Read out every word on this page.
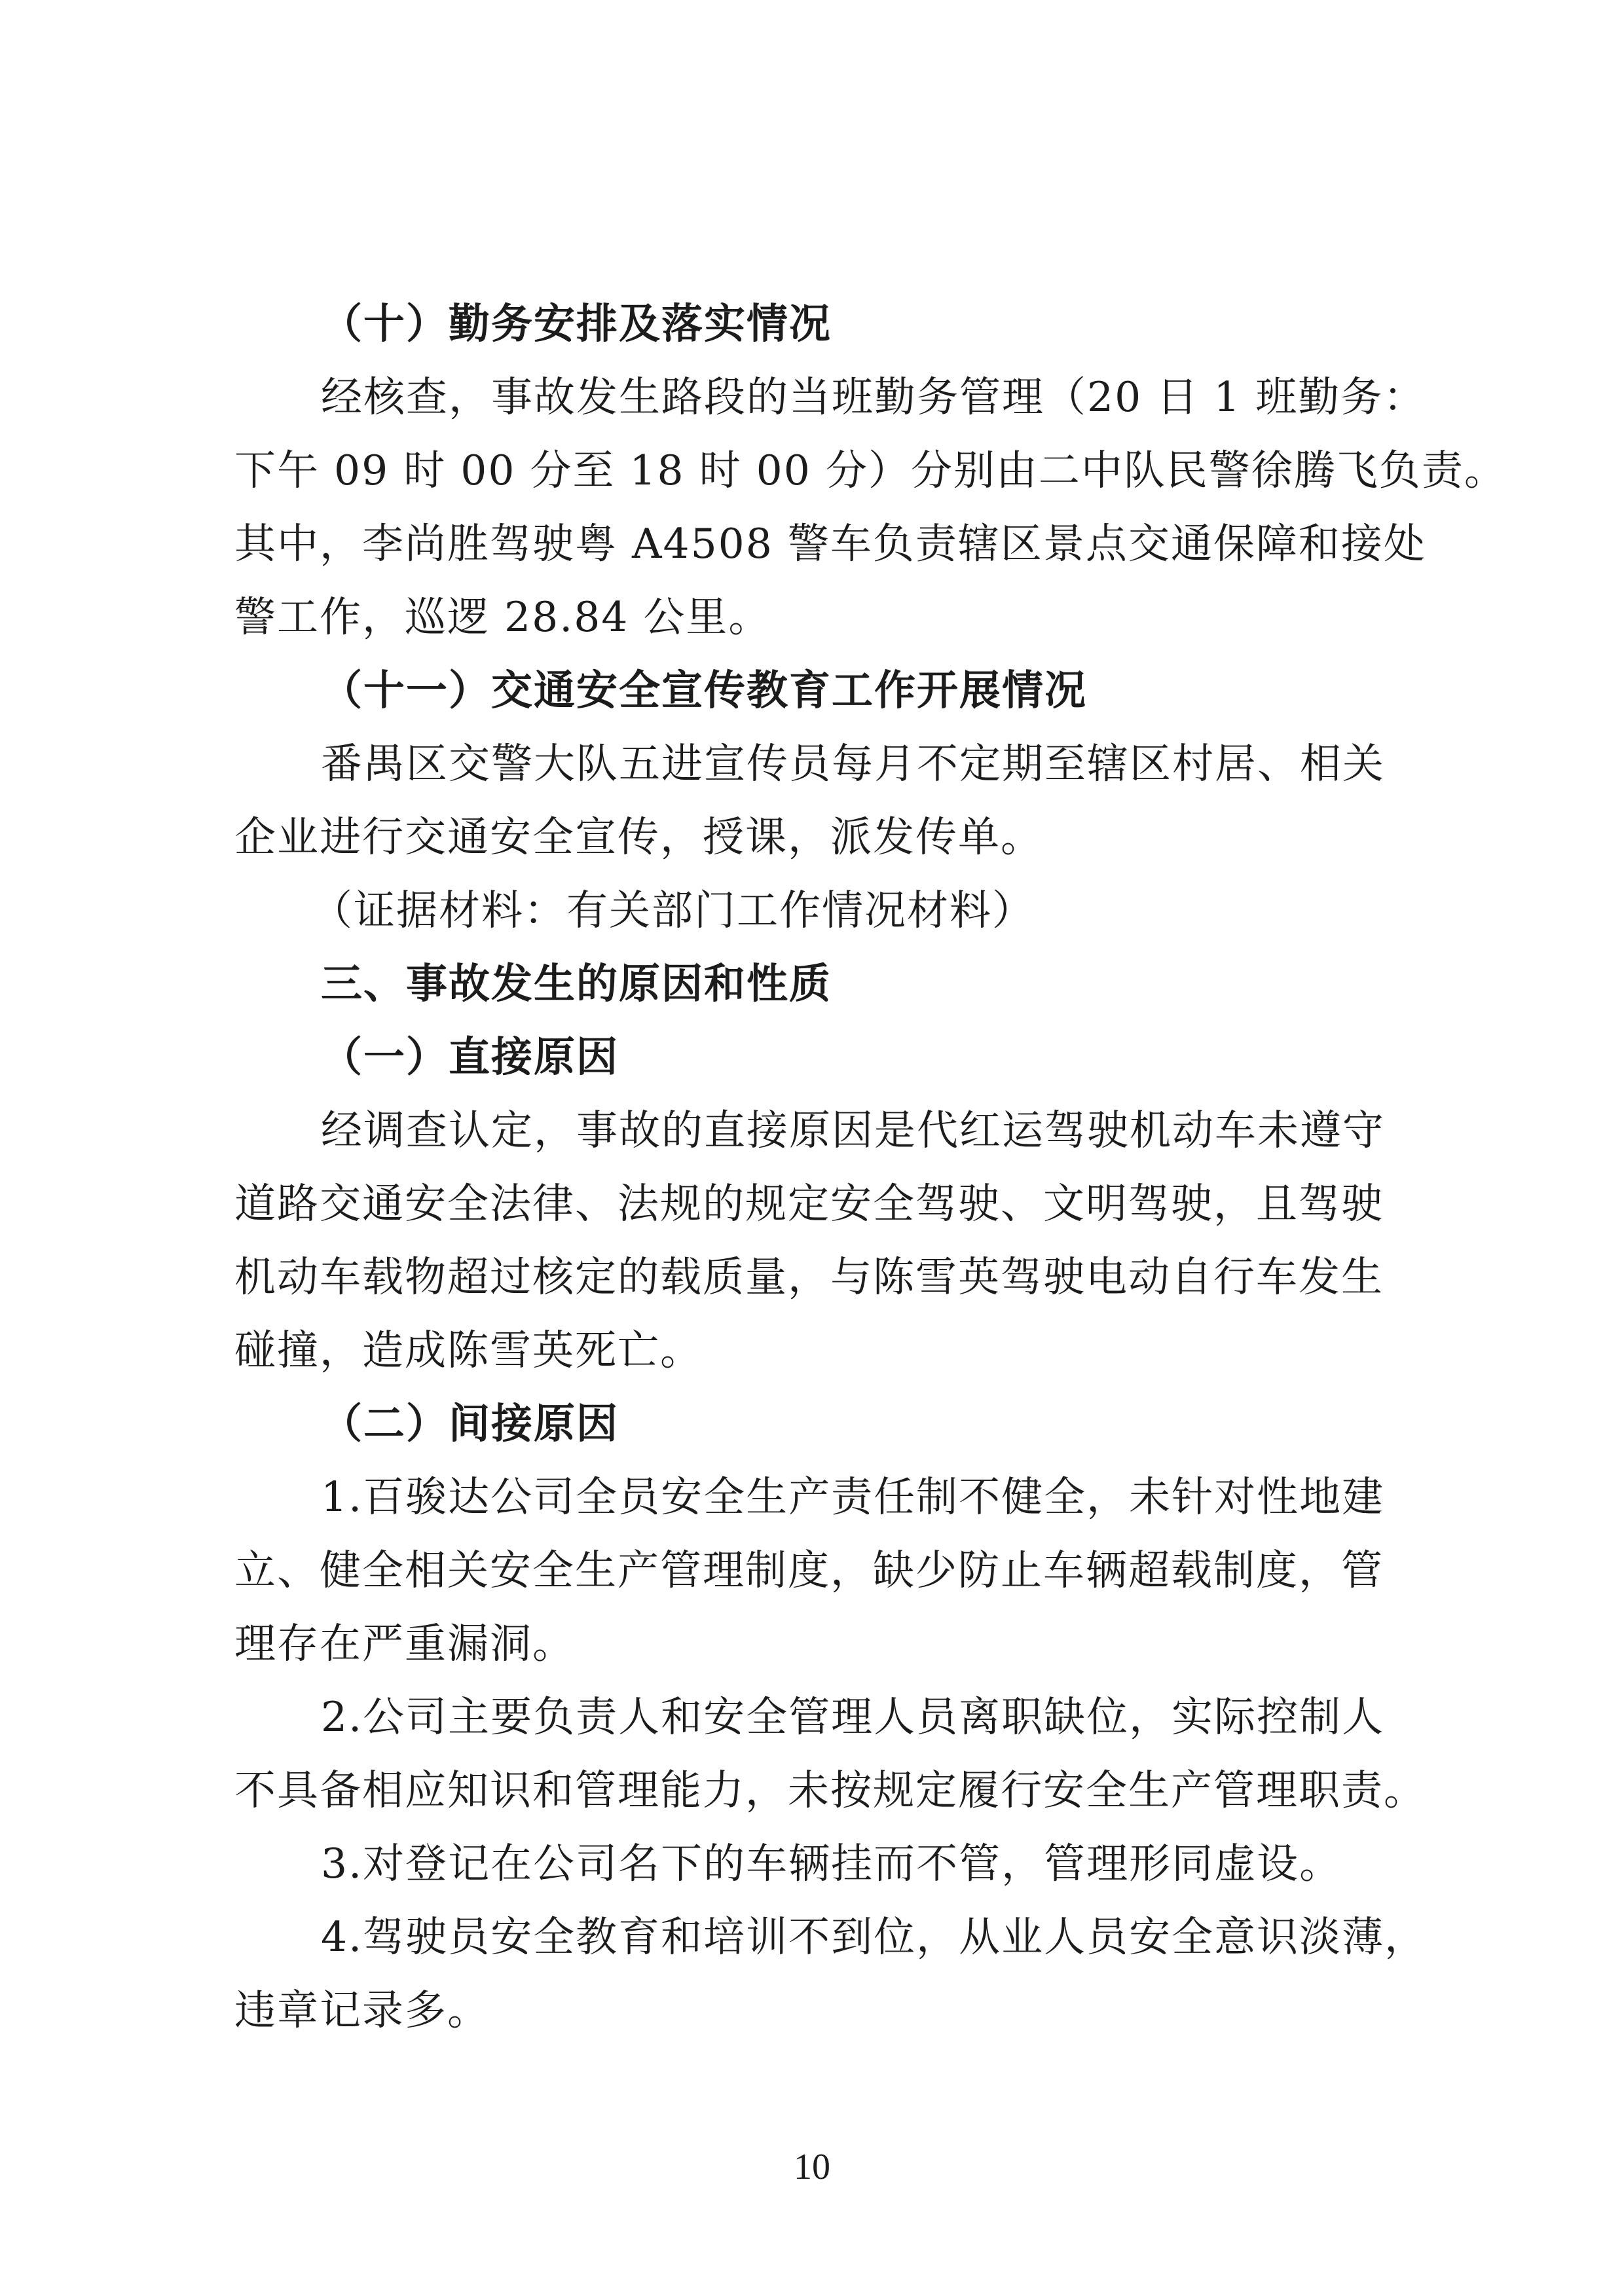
（十）勤务安排及落实情况
经核查，事故发生路段的当班勤务管理（20 日 1 班勤务：
下午 09 时 00 分至 18 时 00 分）分别由二中队民警徐腾飞负责。
其中，李尚胜驾驶粤 A4508 警车负责辖区景点交通保障和接处
警工作，巡逻 28.84 公里。
（十一）交通安全宣传教育工作开展情况
番禺区交警大队五进宣传员每月不定期至辖区村居、相关
企业进行交通安全宣传，授课，派发传单。
（证据材料：有关部门工作情况材料）
三、事故发生的原因和性质
（一）直接原因
经调查认定，事故的直接原因是代红运驾驶机动车未遵守
道路交通安全法律、法规的规定安全驾驶、文明驾驶，且驾驶
机动车载物超过核定的载质量，与陈雪英驾驶电动自行车发生
碰撞，造成陈雪英死亡。
（二）间接原因
1.百骏达公司全员安全生产责任制不健全，未针对性地建
立、健全相关安全生产管理制度，缺少防止车辆超载制度，管
理存在严重漏洞。
2.公司主要负责人和安全管理人员离职缺位，实际控制人
不具备相应知识和管理能力，未按规定履行安全生产管理职责。
3.对登记在公司名下的车辆挂而不管，管理形同虚设。
4.驾驶员安全教育和培训不到位，从业人员安全意识淡薄，
违章记录多。
10
